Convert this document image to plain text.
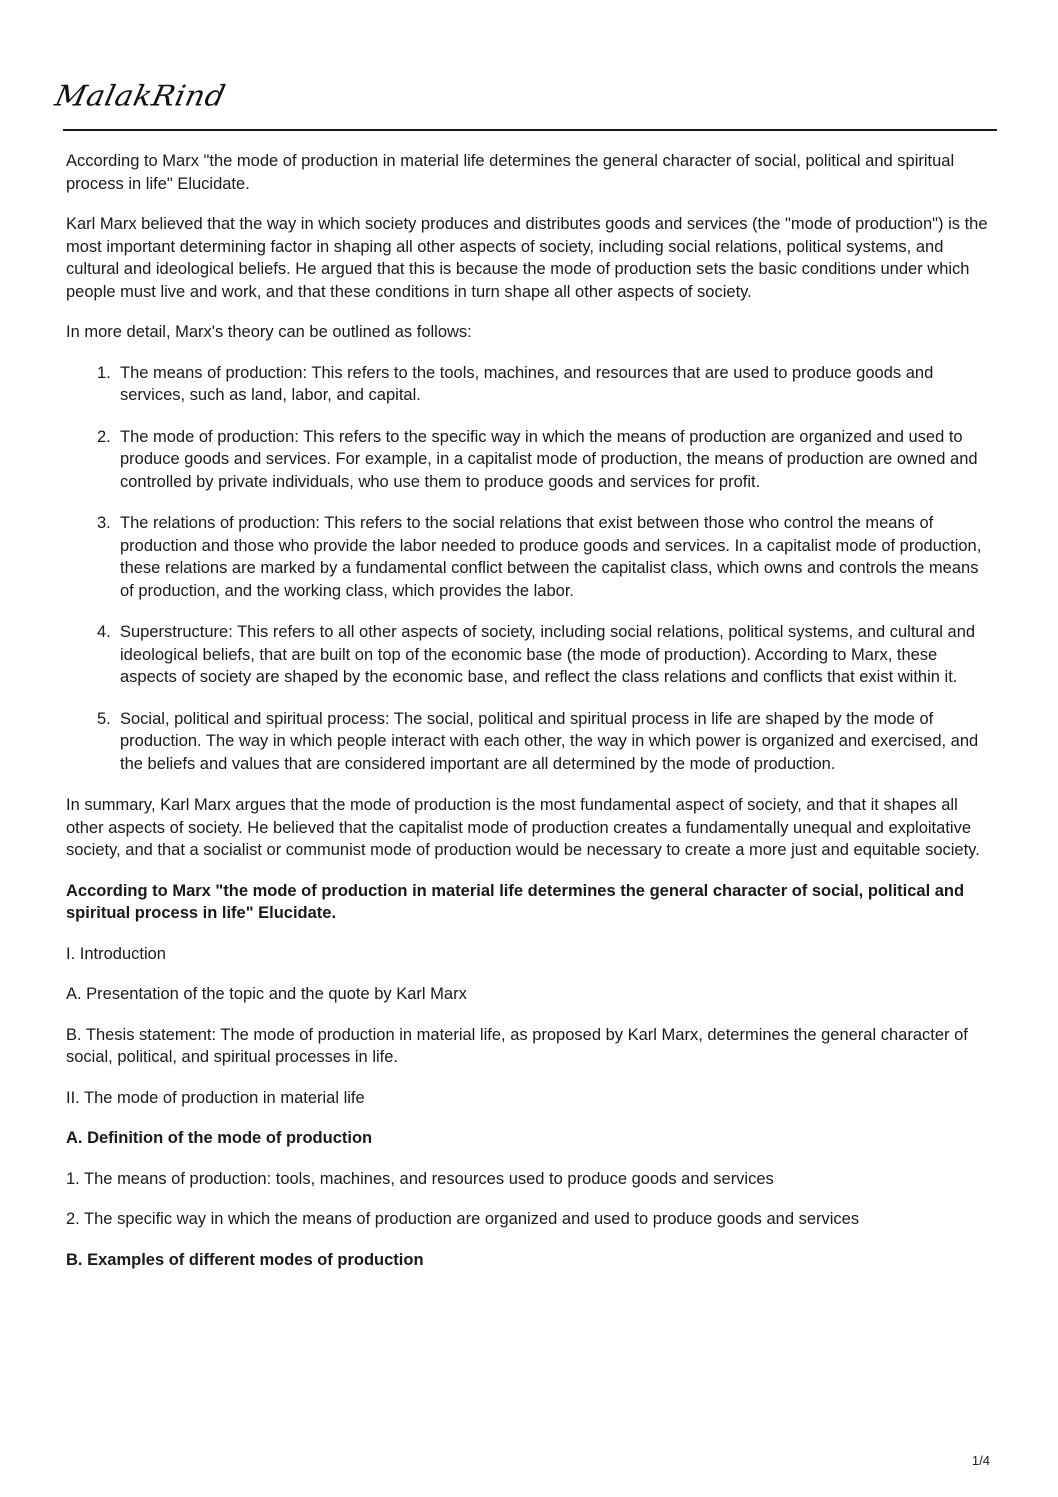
MalakRind

According to Marx "the mode of production in material life determines the general character of social, political and spiritual process in life" Elucidate.

Karl Marx believed that the way in which society produces and distributes goods and services (the "mode of production") is the most important determining factor in shaping all other aspects of society, including social relations, political systems, and cultural and ideological beliefs. He argued that this is because the mode of production sets the basic conditions under which people must live and work, and that these conditions in turn shape all other aspects of society.

In more detail, Marx's theory can be outlined as follows:

1. The means of production: This refers to the tools, machines, and resources that are used to produce goods and services, such as land, labor, and capital.
2. The mode of production: This refers to the specific way in which the means of production are organized and used to produce goods and services. For example, in a capitalist mode of production, the means of production are owned and controlled by private individuals, who use them to produce goods and services for profit.
3. The relations of production: This refers to the social relations that exist between those who control the means of production and those who provide the labor needed to produce goods and services. In a capitalist mode of production, these relations are marked by a fundamental conflict between the capitalist class, which owns and controls the means of production, and the working class, which provides the labor.
4. Superstructure: This refers to all other aspects of society, including social relations, political systems, and cultural and ideological beliefs, that are built on top of the economic base (the mode of production). According to Marx, these aspects of society are shaped by the economic base, and reflect the class relations and conflicts that exist within it.
5. Social, political and spiritual process: The social, political and spiritual process in life are shaped by the mode of production. The way in which people interact with each other, the way in which power is organized and exercised, and the beliefs and values that are considered important are all determined by the mode of production.

In summary, Karl Marx argues that the mode of production is the most fundamental aspect of society, and that it shapes all other aspects of society. He believed that the capitalist mode of production creates a fundamentally unequal and exploitative society, and that a socialist or communist mode of production would be necessary to create a more just and equitable society.

According to Marx "the mode of production in material life determines the general character of social, political and spiritual process in life" Elucidate.

I. Introduction

A. Presentation of the topic and the quote by Karl Marx

B. Thesis statement: The mode of production in material life, as proposed by Karl Marx, determines the general character of social, political, and spiritual processes in life.

II. The mode of production in material life

A. Definition of the mode of production

1. The means of production: tools, machines, and resources used to produce goods and services

2. The specific way in which the means of production are organized and used to produce goods and services

B. Examples of different modes of production

1/4
